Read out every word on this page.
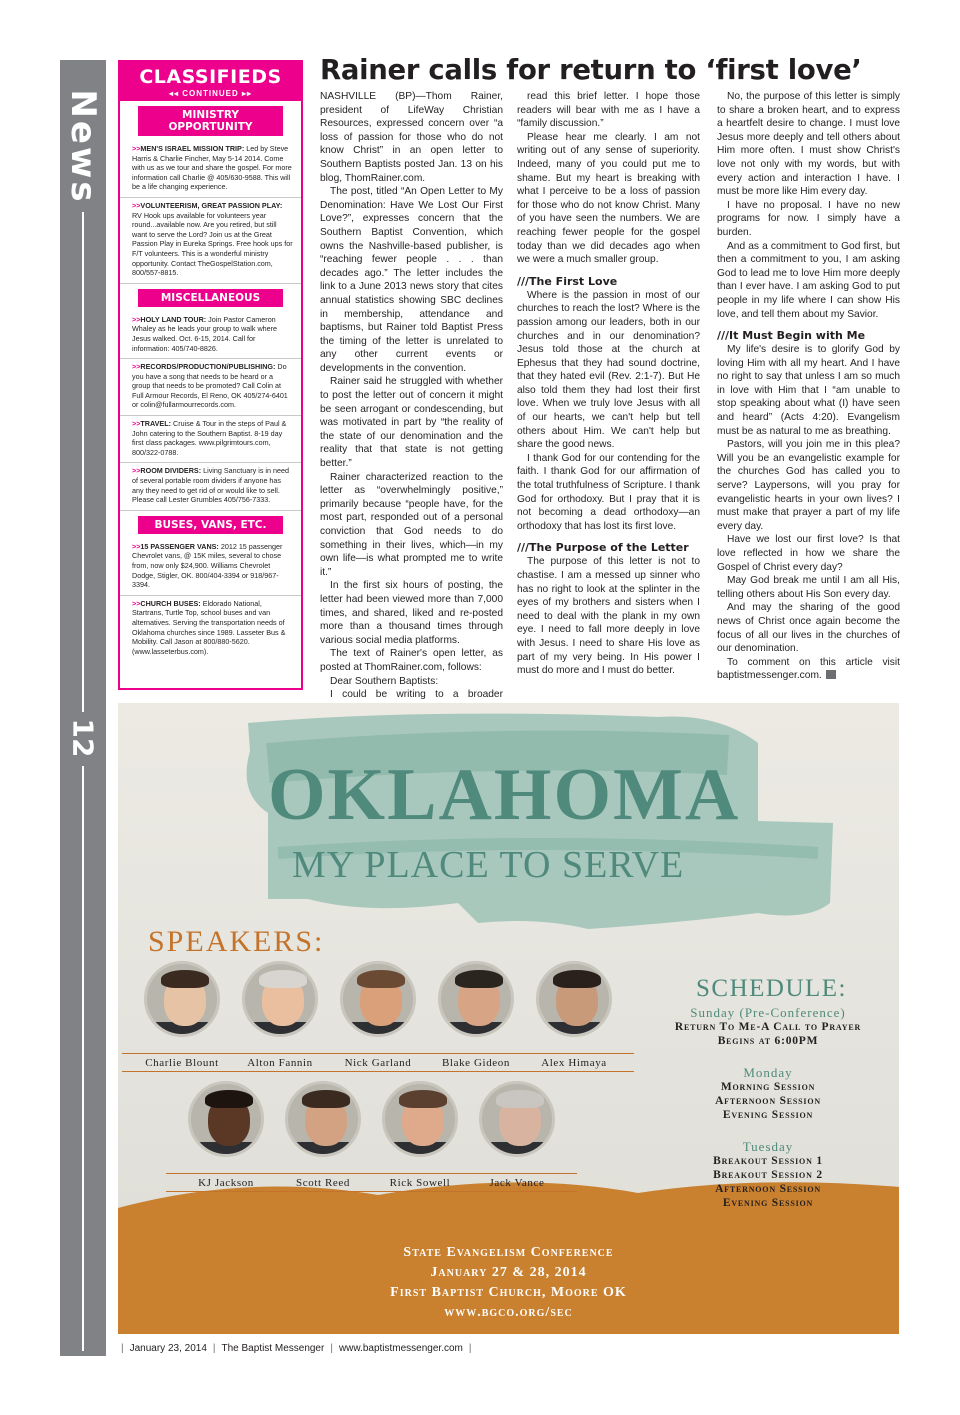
News
12
CLASSIFIEDS
◂◂ CONTINUED ▸▸
MINISTRY OPPORTUNITY
>>MEN'S ISRAEL MISSION TRIP: Led by Steve Harris & Charlie Fincher, May 5-14 2014. Come with us as we tour and share the gospel. For more information call Charlie @ 405/630-9588. This will be a life changing experience.
>>VOLUNTEERISM, GREAT PASSION PLAY: RV Hook ups available for volunteers year round...available now. Are you retired, but still want to serve the Lord? Join us at the Great Passion Play in Eureka Springs. Free hook ups for F/T volunteers. This is a wonderful ministry opportunity. Contact TheGospelStation.com, 800/557-8815.
MISCELLANEOUS
>>HOLY LAND TOUR: Join Pastor Cameron Whaley as he leads your group to walk where Jesus walked. Oct. 6-15, 2014. Call for information: 405/740-8826.
>>RECORDS/PRODUCTION/PUBLISHING: Do you have a song that needs to be heard or a group that needs to be promoted? Call Colin at Full Armour Records, El Reno, OK 405/274-6401 or colin@fullarmourrecords.com.
>>TRAVEL: Cruise & Tour in the steps of Paul & John catering to the Southern Baptist. 8-19 day first class packages. www.pilgrimtours.com, 800/322-0788.
>>ROOM DIVIDERS: Living Sanctuary is in need of several portable room dividers if anyone has any they need to get rid of or would like to sell. Please call Lester Grumbles 405/756-7333.
BUSES, VANS, ETC.
>>15 PASSENGER VANS: 2012 15 passenger Chevrolet vans, @ 15K miles, several to chose from, now only $24,900. Williams Chevrolet Dodge, Stigler, OK. 800/404-3394 or 918/967-3394.
>>CHURCH BUSES: Eldorado National, Startrans, Turtle Top, school buses and van alternatives. Serving the transportation needs of Oklahoma churches since 1989. Lasseter Bus & Mobility. Call Jason at 800/880-5620. (www.lasseterbus.com).
Rainer calls for return to ‘first love’

NASHVILLE (BP)—Thom Rainer, president of LifeWay Christian Resources, expressed concern over “a loss of passion for those who do not know Christ” in an open letter to Southern Baptists posted Jan. 13 on his blog, ThomRainer.com.

The post, titled “An Open Letter to My Denomination: Have We Lost Our First Love?”, expresses concern that the Southern Baptist Convention, which owns the Nashville-based publisher, is “reaching fewer people . . . than decades ago.” The letter includes the link to a June 2013 news story that cites annual statistics showing SBC declines in membership, attendance and baptisms, but Rainer told Baptist Press the timing of the letter is unrelated to any other current events or developments in the convention.

Rainer said he struggled with whether to post the letter out of concern it might be seen arrogant or condescending, but was motivated in part by “the reality of the state of our denomination and the reality that that state is not getting better.”

Rainer characterized reaction to the letter as “overwhelmingly positive,” primarily because “people have, for the most part, responded out of a personal conviction that God needs to do something in their lives, which—in my own life—is what prompted me to write it.”

In the first six hours of posting, the letter had been viewed more than 7,000 times, and shared, liked and re-posted more than a thousand times through various social media platforms.

The text of Rainer's open letter, as posted at ThomRainer.com, follows:

Dear Southern Baptists:

I could be writing to a broader

read this brief letter. I hope those readers will bear with me as I have a “family discussion.”

Please hear me clearly. I am not writing out of any sense of superiority. Indeed, many of you could put me to shame. But my heart is breaking with what I perceive to be a loss of passion for those who do not know Christ. Many of you have seen the numbers. We are reaching fewer people for the gospel today than we did decades ago when we were a much smaller group.

///The First Love

Where is the passion in most of our churches to reach the lost? Where is the passion among our leaders, both in our churches and in our denomination? Jesus told those at the church at Ephesus that they had sound doctrine, that they hated evil (Rev. 2:1-7). But He also told them they had lost their first love. When we truly love Jesus with all of our hearts, we can't help but tell others about Him. We can't help but share the good news.

I thank God for our contending for the faith. I thank God for our affirmation of the total truthfulness of Scripture. I thank God for orthodoxy. But I pray that it is not becoming a dead orthodoxy—an orthodoxy that has lost its first love.

///The Purpose of the Letter

The purpose of this letter is not to chastise. I am a messed up sinner who has no right to look at the splinter in the eyes of my brothers and sisters when I need to deal with the plank in my own eye. I need to fall more deeply in love with Jesus. I need to share His love as part of my very being. In His power I must do more and I must do better.

No, the purpose of this letter is simply to share a broken heart, and to express a heartfelt desire to change. I must love Jesus more deeply and tell others about Him more often. I must show Christ's love not only with my words, but with every action and interaction I have. I must be more like Him every day.

I have no proposal. I have no new programs for now. I simply have a burden.

And as a commitment to God first, but then a commitment to you, I am asking God to lead me to love Him more deeply than I ever have. I am asking God to put people in my life where I can show His love, and tell them about my Savior.

///It Must Begin with Me

My life's desire is to glorify God by loving Him with all my heart. And I have no right to say that unless I am so much in love with Him that I “am unable to stop speaking about what (I) have seen and heard” (Acts 4:20). Evangelism must be as natural to me as breathing.

Pastors, will you join me in this plea? Will you be an evangelistic example for the churches God has called you to serve? Laypersons, will you pray for evangelistic hearts in your own lives? I must make that prayer a part of my life every day.

Have we lost our first love? Is that love reflected in how we share the Gospel of Christ every day?

May God break me until I am all His, telling others about His Son every day.

And may the sharing of the good news of Christ once again become the focus of all our lives in the churches of our denomination.

To comment on this article visit baptistmessenger.com.

OKLAHOMA
MY PLACE TO SERVE
SPEAKERS:
Charlie Blount	Alton Fannin	Nick Garland	Blake Gideon	Alex Himaya
KJ Jackson	Scott Reed	Rick Sowell	Jack Vance
SCHEDULE:
Sunday (Pre-Conference)
Return To Me-A Call to Prayer
Begins at 6:00PM
Monday
Morning Session
Afternoon Session
Evening Session
Tuesday
Breakout Session 1
Breakout Session 2
Afternoon Session
Evening Session
State Evangelism Conference
January 27 & 28, 2014
First Baptist Church, Moore OK
www.bgco.org/sec
| January 23, 2014 | The Baptist Messenger | www.baptistmessenger.com |
